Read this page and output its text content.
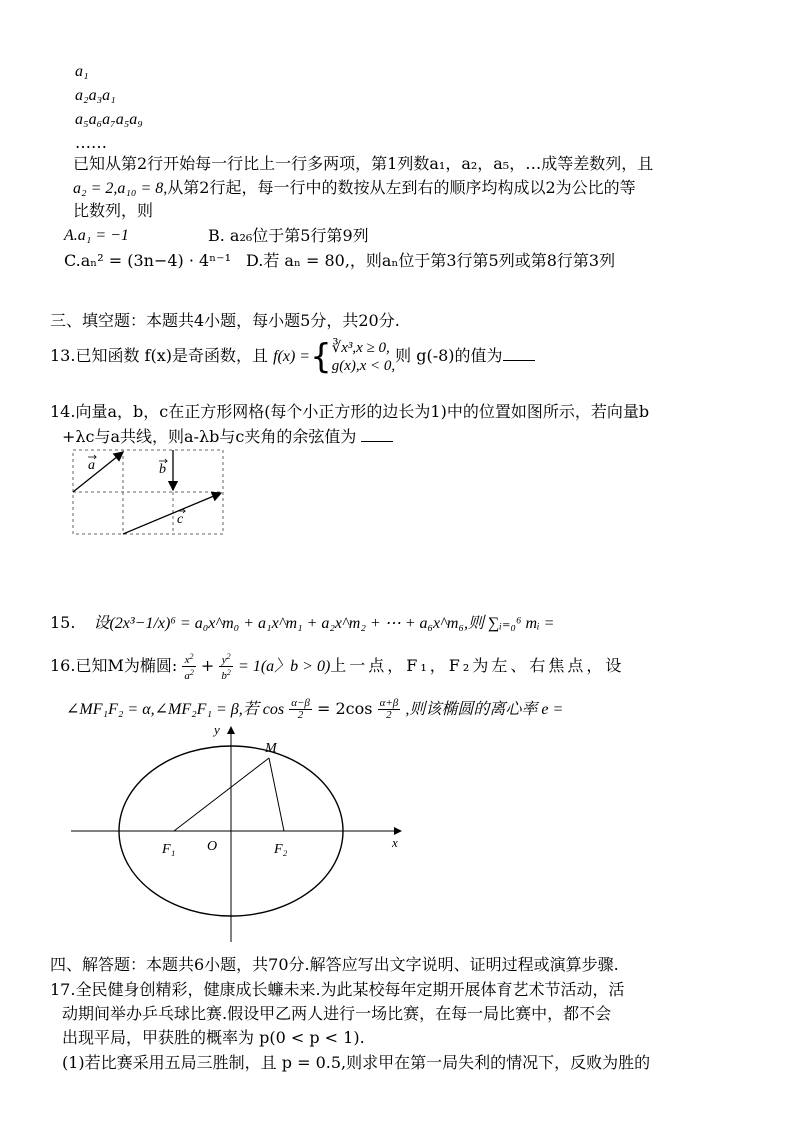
a₁
a₂a₃a₁
a₅a₆a₇a₅a₉
……
已知从第2行开始每一行比上一行多两项，第1列数a₁，a₂，a₅，…成等差数列，且
a₂ = 2,a₁₀ = 8,从第2行起，每一行中的数按从左到右的顺序均构成以2为公比的等
比数列，则
A.a₁ = −1	B. a₂₆位于第5行第9列
C.aₙ² = (3n−4) · 4ⁿ⁻¹ D.若 aₙ = 80,，则aₙ位于第3行第5列或第8行第3列
三、填空题：本题共4小题，每小题5分，共20分.
13.已知函数 f(x)是奇函数，且 f(x) ={ ∛x³,x ≥ 0,
g(x),x < 0,
则 g(-8)的值为
14.向量a，b，c在正方形网格(每个小正方形的边长为1)中的位置如图所示，若向量b
+λc与a共线，则a-λb与c夹角的余弦值为
a	b
c
15. 设(2x³−1/x)⁶ = a₀x^m₀ + a₁x^m₁ + a₂x^m₂ + ⋯ + a₆x^m₆,则 ∑ᵢ₌₀⁶ mᵢ =
16.已知M为椭圆: $\frac{x^2}{a^2} + \frac{y^2}{b^2} = 1(a$〉b > 0)上一点，F₁，F₂为左、右焦点，设
∠MF₁F₂ = α,∠MF₂F₁ = β,若 $\cos \frac{\alpha-\beta}{2} = 2\cos \frac{\alpha+\beta}{2}$ ,则该椭圆的离心率 e =
y
x
M
O
F₁	F₂
四、解答题：本题共6小题，共70分.解答应写出文字说明、证明过程或演算步骤.
17.全民健身创精彩，健康成长蠊未来.为此某校每年定期开展体育艺术节活动，活
动期间举办乒乓球比赛.假设甲乙两人进行一场比赛，在每一局比赛中，都不会
出现平局，甲获胜的概率为 p(0 < p < 1).
(1)若比赛采用五局三胜制，且 p = 0.5,则求甲在第一局失利的情况下，反败为胜的
